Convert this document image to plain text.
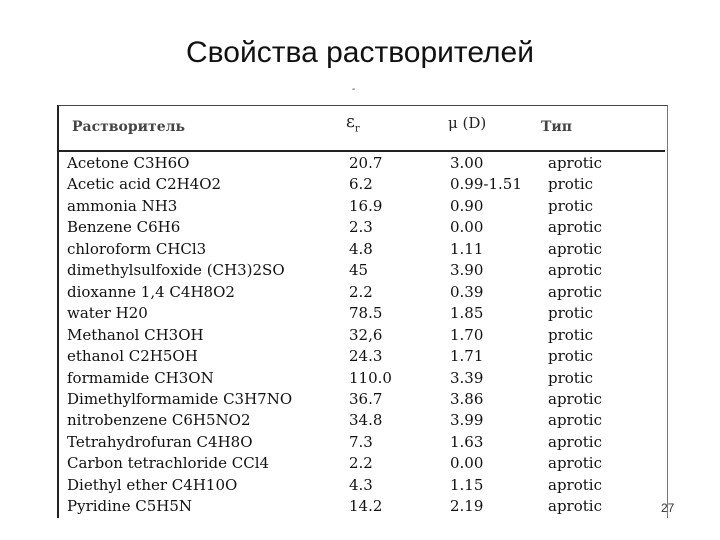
Свойства растворителей
-
Растворитель	$\varepsilon_r$	μ (D)	Тип
Acetone C3H6O	20.7	3.00	aprotic
Acetic acid C2H4O2	6.2	0.99-1.51 protic
ammonia NH3	16.9	0.90	protic
Benzene C6H6	2.3	0.00	aprotic
chloroform CHCl3	4.8	1.11	aprotic
dimethylsulfoxide (CH3)2SO	45	3.90	aprotic
dioxanne 1,4 C4H8O2	2.2	0.39	aprotic
water H20	78.5	1.85	protic
Methanol CH3OH	32,6	1.70	protic
ethanol C2H5OH	24.3	1.71	protic
formamide CH3ON	110.0	3.39	protic
Dimethylformamide C3H7NO	36.7	3.86	aprotic
nitrobenzene C6H5NO2	34.8	3.99	aprotic
Tetrahydrofuran C4H8O	7.3	1.63	aprotic
Carbon tetrachloride CCl4	2.2	0.00	aprotic
Diethyl ether C4H10O	4.3	1.15	aprotic
Pyridine C5H5N	14.2	2.19	aprotic	27
